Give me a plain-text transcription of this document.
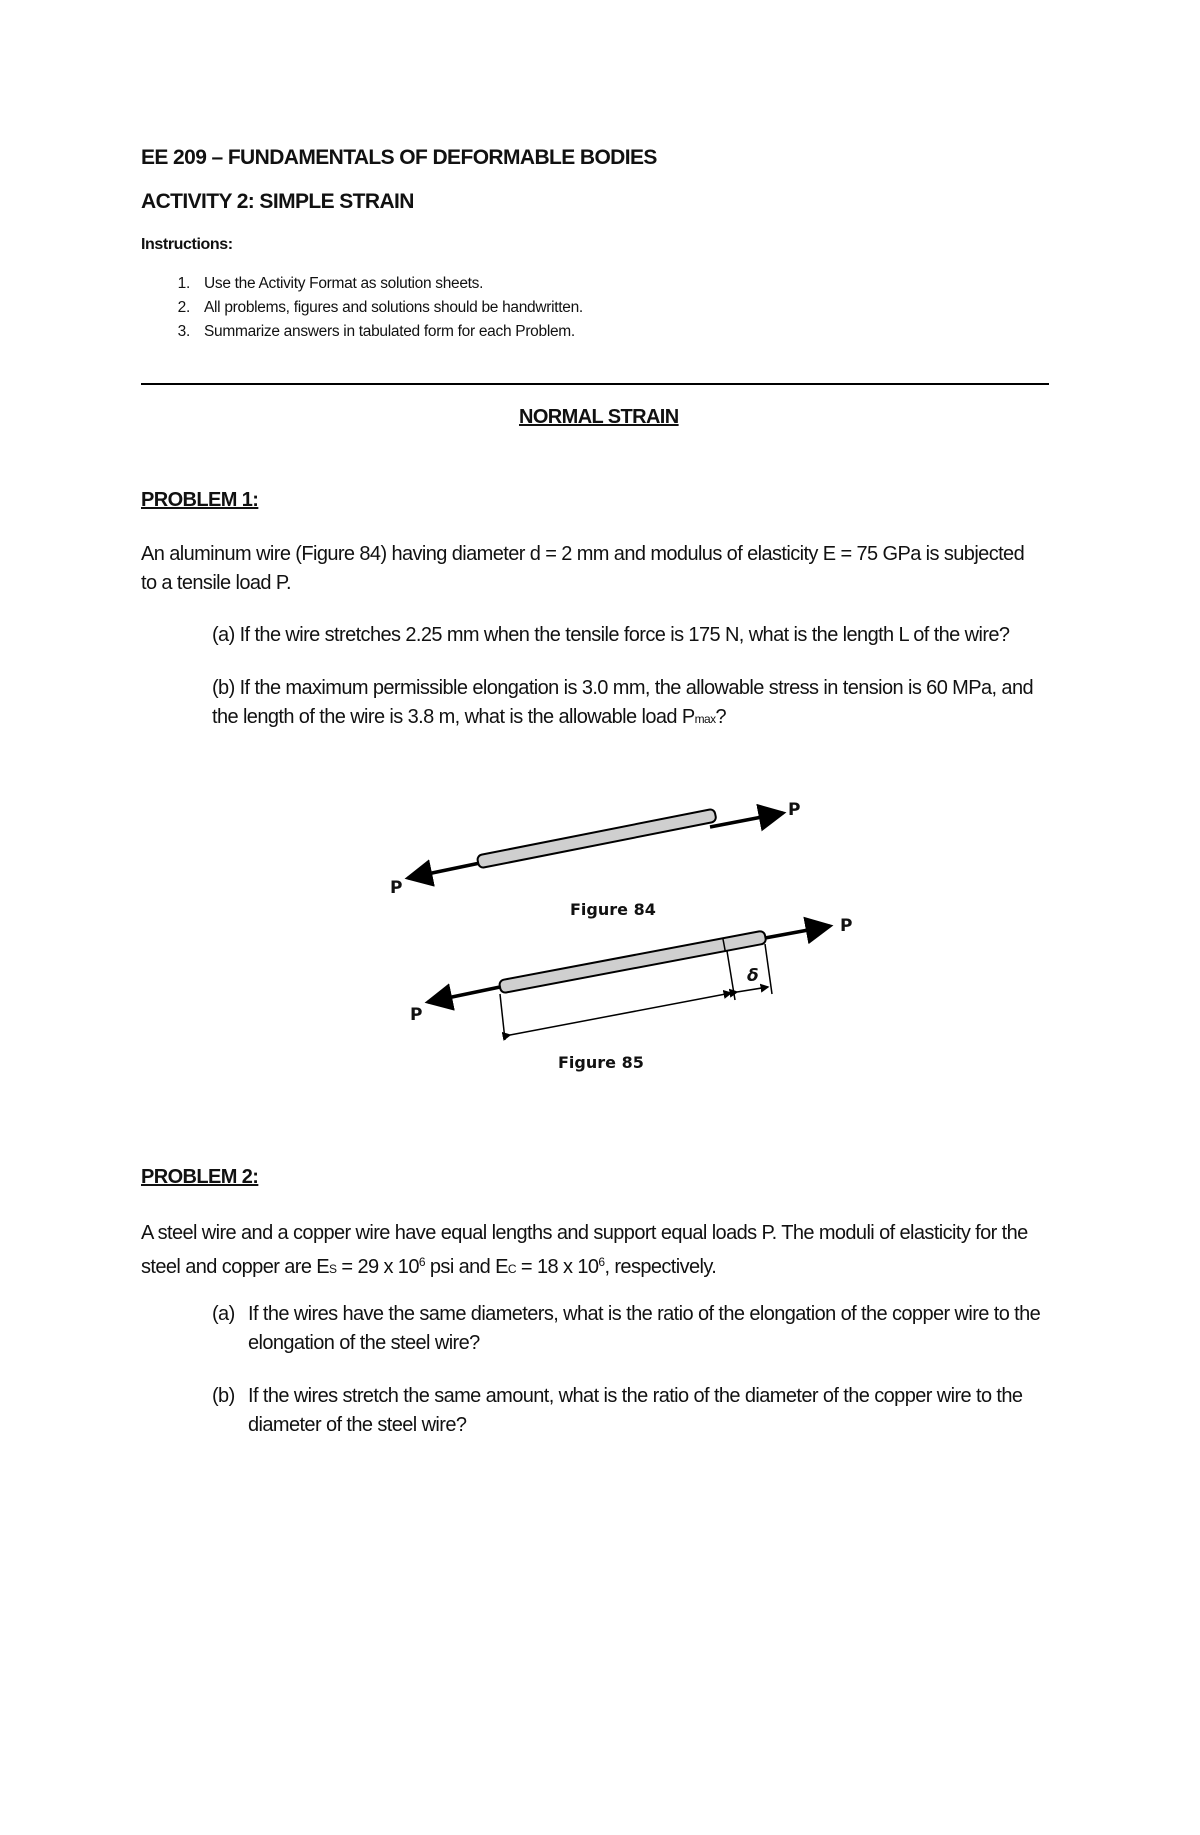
EE 209 – FUNDAMENTALS OF DEFORMABLE BODIES
ACTIVITY 2: SIMPLE STRAIN
Instructions:
1. Use the Activity Format as solution sheets.
2. All problems, figures and solutions should be handwritten.
3. Summarize answers in tabulated form for each Problem.
NORMAL STRAIN
PROBLEM 1:
An aluminum wire (Figure 84) having diameter d = 2 mm and modulus of elasticity E = 75 GPa is subjected
to a tensile load P.
(a) If the wire stretches 2.25 mm when the tensile force is 175 N, what is the length L of the wire?
(b) If the maximum permissible elongation is 3.0 mm, the allowable stress in tension is 60 MPa, and
the length of the wire is 3.8 m, what is the allowable load Pmax?
P
P
Figure 84
P
δ
P
Figure 85
PROBLEM 2:
A steel wire and a copper wire have equal lengths and support equal loads P. The moduli of elasticity for the
steel and copper are ES = 29 x $10^6$ psi and EC = 18 x $10^6$, respectively.
(a) If the wires have the same diameters, what is the ratio of the elongation of the copper wire to the
elongation of the steel wire?
(b) If the wires stretch the same amount, what is the ratio of the diameter of the copper wire to the
diameter of the steel wire?
